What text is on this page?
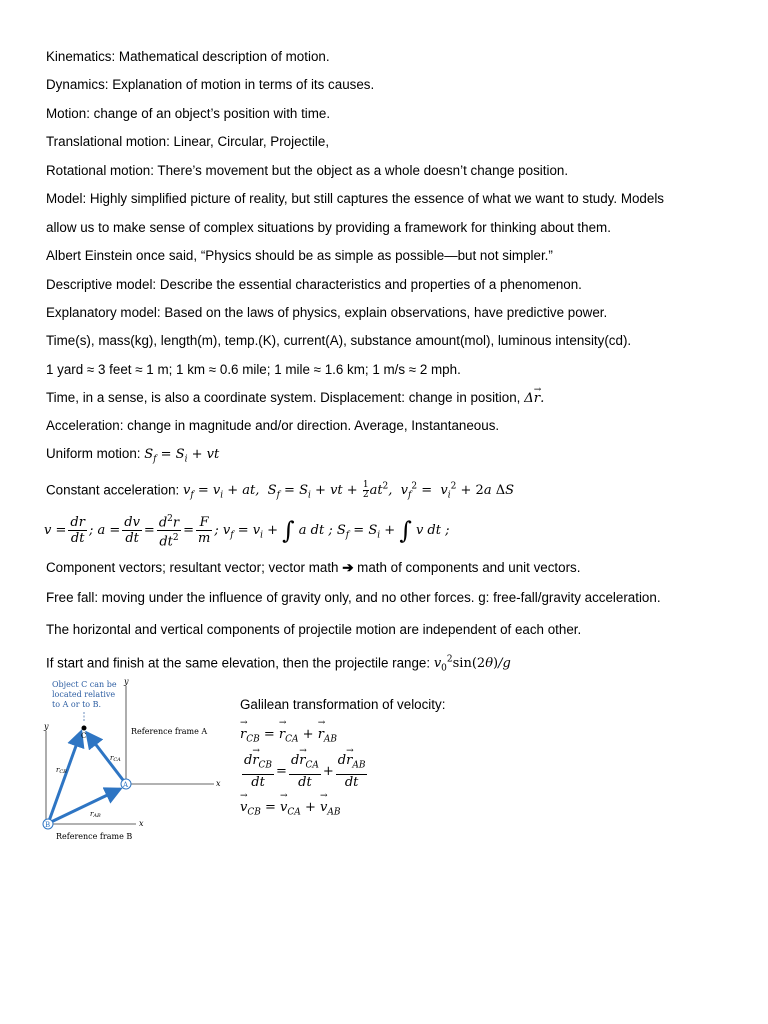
Kinematics: Mathematical description of motion.
Dynamics: Explanation of motion in terms of its causes.
Motion: change of an object’s position with time.
Translational motion: Linear, Circular, Projectile,
Rotational motion: There’s movement but the object as a whole doesn’t change position.
Model: Highly simplified picture of reality, but still captures the essence of what we want to study. Models
allow us to make sense of complex situations by providing a framework for thinking about them.
Albert Einstein once said, “Physics should be as simple as possible—but not simpler.”
Descriptive model: Describe the essential characteristics and properties of a phenomenon.
Explanatory model: Based on the laws of physics, explain observations, have predictive power.
Time(s), mass(kg), length(m), temp.(K), current(A), substance amount(mol), luminous intensity(cd).
1 yard ≈ 3 feet ≈ 1 m; 1 km ≈ 0.6 mile; 1 mile ≈ 1.6 km; 1 m/s ≈ 2 mph.
Time, in a sense, is also a coordinate system. Displacement: change in position, Δ→ r.
Acceleration: change in magnitude and/or direction. Average, Instantaneous.
Uniform motion: $S_f = S_i$ + vt
Constant acceleration: $v_f = v_i$ + at,  $S_f = S_i$ + vt + $\frac{1}{2} at^2$,  $v_f^2 = v_i^2 + 2a$ ΔS
$v = \frac{dr}{dt}$ ; $a = \frac{dv}{dt} = \frac{d^2r}{dt^2} = \frac{F}{m}$ ; $v_f = v_i$ + ∫ a dt ; $S_f = S_i$ + ∫ v dt ;
Component vectors; resultant vector; vector math ➔ math of components and unit vectors.
Free fall: moving under the influence of gravity only, and no other forces. g: free-fall/gravity acceleration.
The horizontal and vertical components of projectile motion are independent of each other.
If start and finish at the same elevation, then the projectile range: $v_0^2\sin(2\theta)/g$
Object C can be
located relative
to A or to B.
y
x
y
x
Reference frame A
Reference frame B
C
A
B
rCB
rCA
rAB
Galilean transformation of velocity:
→ $r_{CB}$ = → $r_{CA}$ + → $r_{AB}$
$\frac{d\to r_{CB}}{dt} = \frac{d\to r_{CA}}{dt} + \frac{d\to r_{AB}}{dt}$
→ $v_{CB}$ = → $v_{CA}$ + → $v_{AB}$
